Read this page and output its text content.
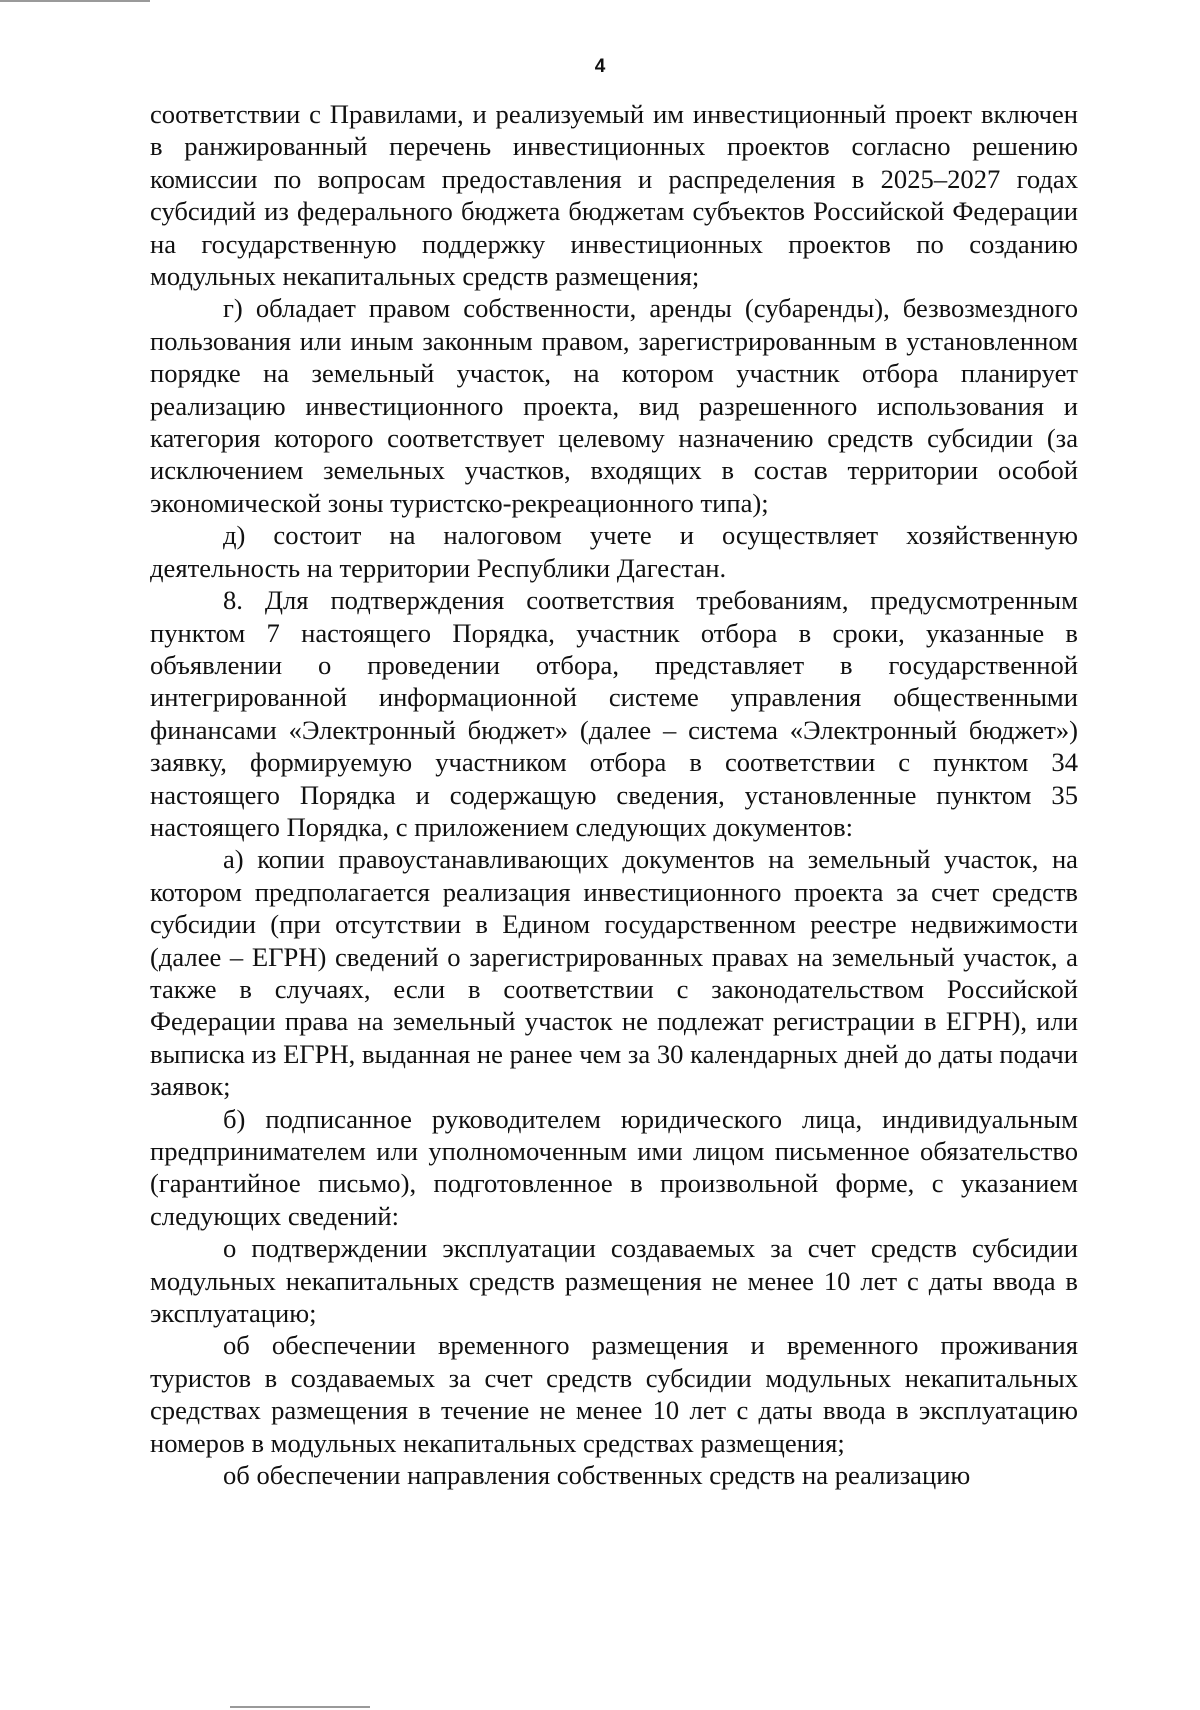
4

соответствии с Правилами, и реализуемый им инвестиционный проект включен в ранжированный перечень инвестиционных проектов согласно решению комиссии по вопросам предоставления и распределения в 2025–2027 годах субсидий из федерального бюджета бюджетам субъектов Российской Федерации на государственную поддержку инвестиционных проектов по созданию модульных некапитальных средств размещения;

г) обладает правом собственности, аренды (субаренды), безвозмездного пользования или иным законным правом, зарегистрированным в установленном порядке на земельный участок, на котором участник отбора планирует реализацию инвестиционного проекта, вид разрешенного использования и категория которого соответствует целевому назначению средств субсидии (за исключением земельных участков, входящих в состав территории особой экономической зоны туристско-рекреационного типа);

д) состоит на налоговом учете и осуществляет хозяйственную деятельность на территории Республики Дагестан.

8. Для подтверждения соответствия требованиям, предусмотренным пунктом 7 настоящего Порядка, участник отбора в сроки, указанные в объявлении о проведении отбора, представляет в государственной интегрированной информационной системе управления общественными финансами «Электронный бюджет» (далее – система «Электронный бюджет») заявку, формируемую участником отбора в соответствии с пунктом 34 настоящего Порядка и содержащую сведения, установленные пунктом 35 настоящего Порядка, с приложением следующих документов:

а) копии правоустанавливающих документов на земельный участок, на котором предполагается реализация инвестиционного проекта за счет средств субсидии (при отсутствии в Едином государственном реестре недвижимости (далее – ЕГРН) сведений о зарегистрированных правах на земельный участок, а также в случаях, если в соответствии с законодательством Российской Федерации права на земельный участок не подлежат регистрации в ЕГРН), или выписка из ЕГРН, выданная не ранее чем за 30 календарных дней до даты подачи заявок;

б) подписанное руководителем юридического лица, индивидуальным предпринимателем или уполномоченным ими лицом письменное обязательство (гарантийное письмо), подготовленное в произвольной форме, с указанием следующих сведений:

о подтверждении эксплуатации создаваемых за счет средств субсидии модульных некапитальных средств размещения не менее 10 лет с даты ввода в эксплуатацию;

об обеспечении временного размещения и временного проживания туристов в создаваемых за счет средств субсидии модульных некапитальных средствах размещения в течение не менее 10 лет с даты ввода в эксплуатацию номеров в модульных некапитальных средствах размещения;

об обеспечении направления собственных средств на реализацию
